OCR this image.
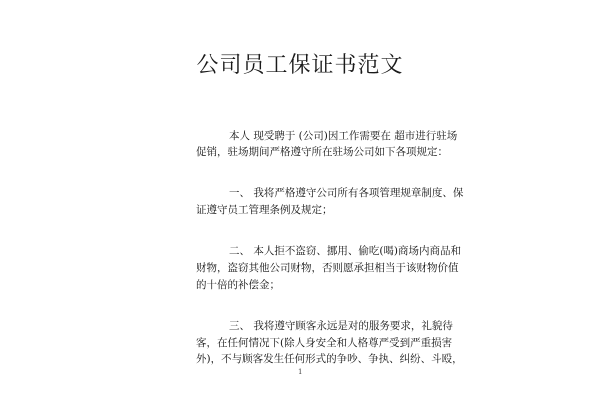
公司员工保证书范文
本人 现受聘于 (公司)因工作需要在 超市进行驻场
促销，驻场期间严格遵守所在驻场公司如下各项规定：
一、 我将严格遵守公司所有各项管理规章制度、保
证遵守员工管理条例及规定；
二、 本人拒不盗窃、挪用、偷吃(喝)商场内商品和
财物，盗窃其他公司财物，否则愿承担相当于该财物价值
的十倍的补偿金；
三、 我将遵守顾客永远是对的服务要求，礼貌待
客，在任何情况下(除人身安全和人格尊严受到严重损害
外)，不与顾客发生任何形式的争吵、争执、纠纷、斗殴，
1
